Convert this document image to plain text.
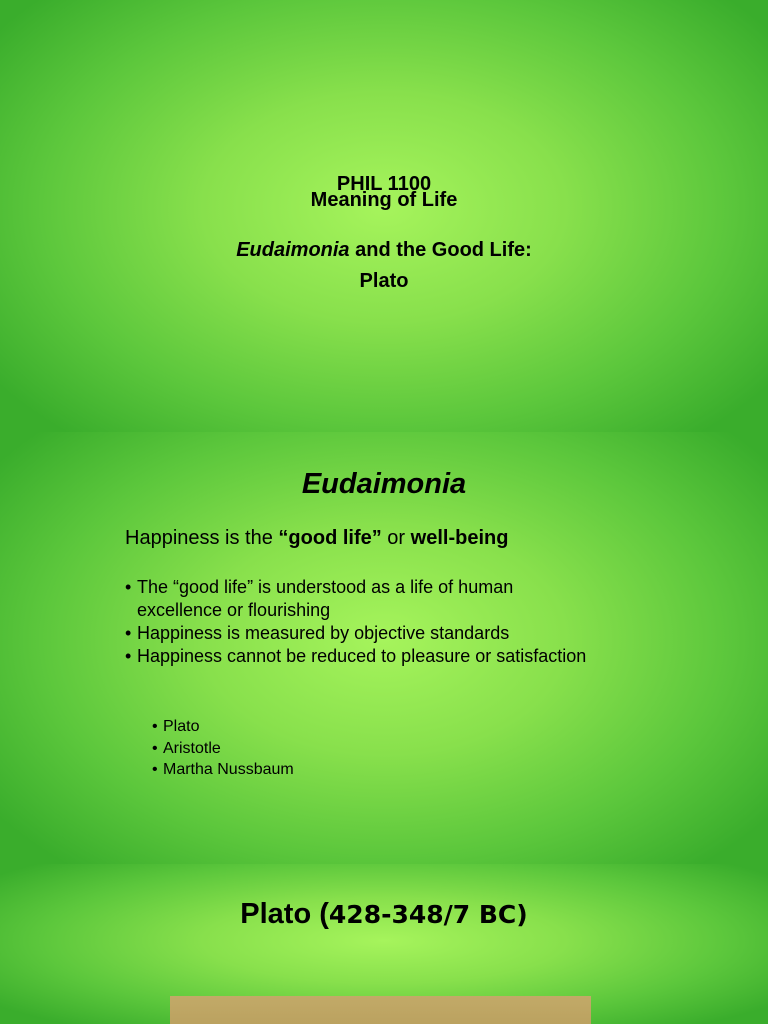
PHIL 1100
Meaning of Life
Eudaimonia and the Good Life:
Plato
Eudaimonia
Happiness is the “good life” or well-being
• The “good life” is understood as a life of human excellence or flourishing
• Happiness is measured by objective standards
• Happiness cannot be reduced to pleasure or satisfaction
• Plato
• Aristotle
• Martha Nussbaum
Plato (428-348/7 BC)
